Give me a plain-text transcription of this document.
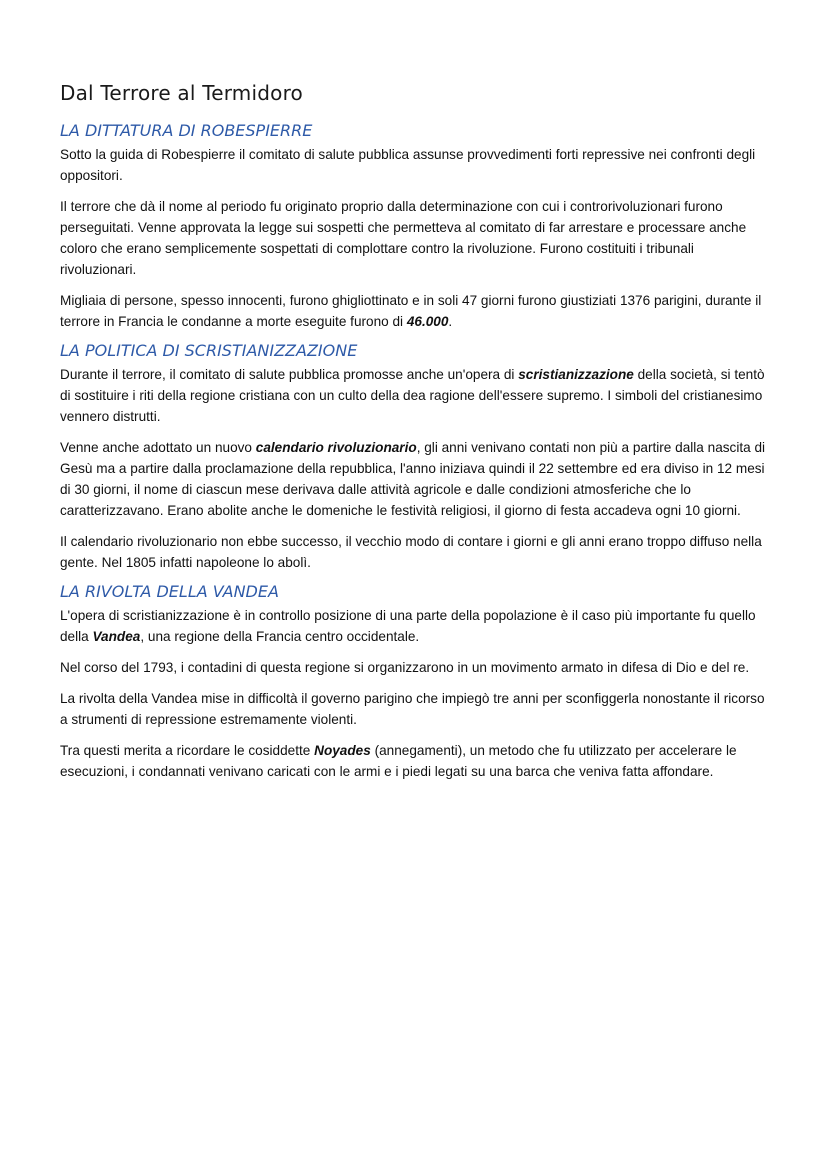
Dal Terrore al Termidoro
LA DITTATURA DI ROBESPIERRE

Sotto la guida di Robespierre il comitato di salute pubblica assunse provvedimenti forti repressive nei confronti degli oppositori.

Il terrore che dà il nome al periodo fu originato proprio dalla determinazione con cui i controrivoluzionari furono perseguitati. Venne approvata la legge sui sospetti che permetteva al comitato di far arrestare e processare anche coloro che erano semplicemente sospettati di complottare contro la rivoluzione. Furono costituiti i tribunali rivoluzionari.

Migliaia di persone, spesso innocenti, furono ghigliottinato e in soli 47 giorni furono giustiziati 1376 parigini, durante il terrore in Francia le condanne a morte eseguite furono di 46.000.

LA POLITICA DI SCRISTIANIZZAZIONE

Durante il terrore, il comitato di salute pubblica promosse anche un'opera di scristianizzazione della società, si tentò di sostituire i riti della regione cristiana con un culto della dea ragione dell'essere supremo. I simboli del cristianesimo vennero distrutti.

Venne anche adottato un nuovo calendario rivoluzionario, gli anni venivano contati non più a partire dalla nascita di Gesù ma a partire dalla proclamazione della repubblica, l'anno iniziava quindi il 22 settembre ed era diviso in 12 mesi di 30 giorni, il nome di ciascun mese derivava dalle attività agricole e dalle condizioni atmosferiche che lo caratterizzavano. Erano abolite anche le domeniche le festività religiosi, il giorno di festa accadeva ogni 10 giorni.

Il calendario rivoluzionario non ebbe successo, il vecchio modo di contare i giorni e gli anni erano troppo diffuso nella gente. Nel 1805 infatti napoleone lo abolì.

LA RIVOLTA DELLA VANDEA

L'opera di scristianizzazione è in controllo posizione di una parte della popolazione è il caso più importante fu quello della Vandea, una regione della Francia centro occidentale.

Nel corso del 1793, i contadini di questa regione si organizzarono in un movimento armato in difesa di Dio e del re.

La rivolta della Vandea mise in difficoltà il governo parigino che impiegò tre anni per sconfiggerla nonostante il ricorso a strumenti di repressione estremamente violenti.

Tra questi merita a ricordare le cosiddette Noyades (annegamenti), un metodo che fu utilizzato per accelerare le esecuzioni, i condannati venivano caricati con le armi e i piedi legati su una barca che veniva fatta affondare.
